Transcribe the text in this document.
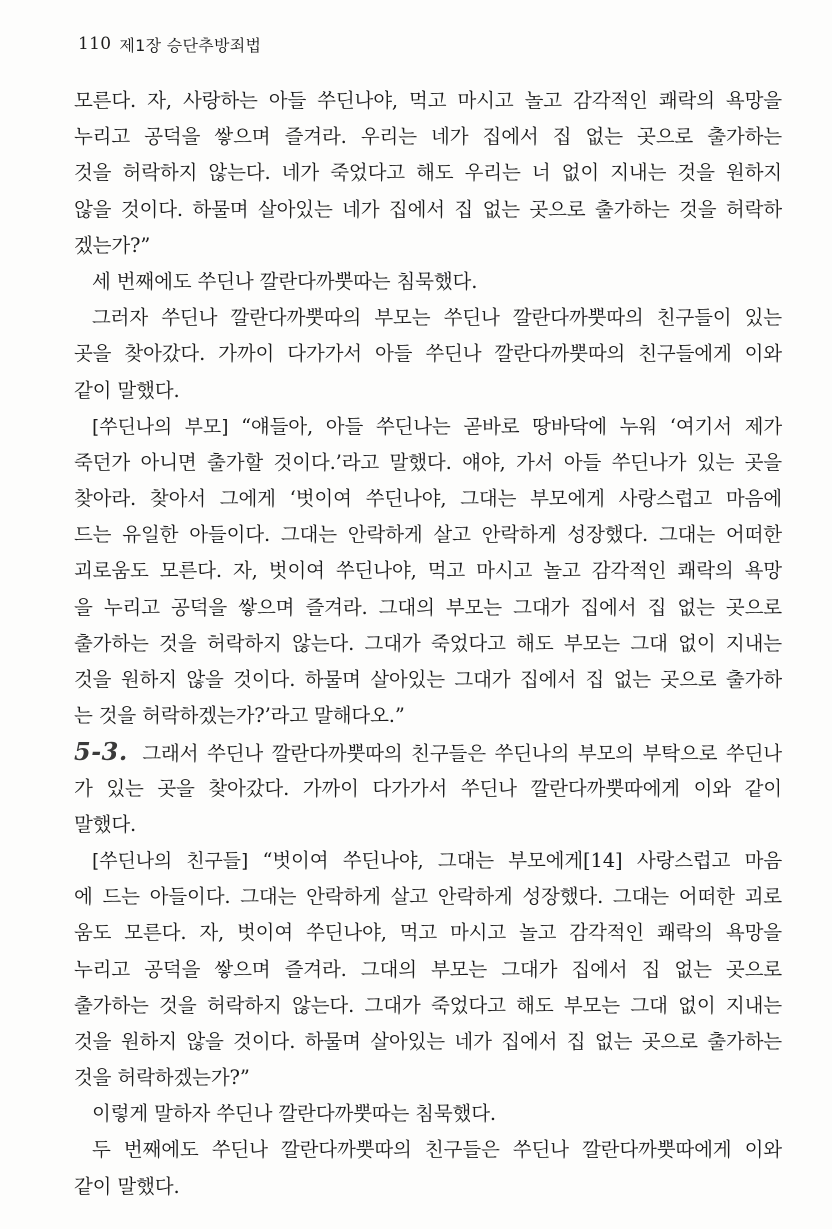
110 제1장 승단추방죄법
모른다. 자, 사랑하는 아들 쑤딘나야, 먹고 마시고 놀고 감각적인 쾌락의 욕망을
누리고 공덕을 쌓으며 즐겨라. 우리는 네가 집에서 집 없는 곳으로 출가하는
것을 허락하지 않는다. 네가 죽었다고 해도 우리는 너 없이 지내는 것을 원하지
않을 것이다. 하물며 살아있는 네가 집에서 집 없는 곳으로 출가하는 것을 허락하
겠는가?”
세 번째에도 쑤딘나 깔란다까뿟따는 침묵했다.
그러자 쑤딘나 깔란다까뿟따의 부모는 쑤딘나 깔란다까뿟따의 친구들이 있는
곳을 찾아갔다. 가까이 다가가서 아들 쑤딘나 깔란다까뿟따의 친구들에게 이와
같이 말했다.
[쑤딘나의 부모] “얘들아, 아들 쑤딘나는 곧바로 땅바닥에 누워 ‘여기서 제가
죽던가 아니면 출가할 것이다.’라고 말했다. 얘야, 가서 아들 쑤딘나가 있는 곳을
찾아라. 찾아서 그에게 ‘벗이여 쑤딘나야, 그대는 부모에게 사랑스럽고 마음에
드는 유일한 아들이다. 그대는 안락하게 살고 안락하게 성장했다. 그대는 어떠한
괴로움도 모른다. 자, 벗이여 쑤딘나야, 먹고 마시고 놀고 감각적인 쾌락의 욕망
을 누리고 공덕을 쌓으며 즐겨라. 그대의 부모는 그대가 집에서 집 없는 곳으로
출가하는 것을 허락하지 않는다. 그대가 죽었다고 해도 부모는 그대 없이 지내는
것을 원하지 않을 것이다. 하물며 살아있는 그대가 집에서 집 없는 곳으로 출가하
는 것을 허락하겠는가?’라고 말해다오.”
5-3. 그래서 쑤딘나 깔란다까뿟따의 친구들은 쑤딘나의 부모의 부탁으로 쑤딘나
가 있는 곳을 찾아갔다. 가까이 다가가서 쑤딘나 깔란다까뿟따에게 이와 같이
말했다.
[쑤딘나의 친구들] “벗이여 쑤딘나야, 그대는 부모에게[14] 사랑스럽고 마음
에 드는 아들이다. 그대는 안락하게 살고 안락하게 성장했다. 그대는 어떠한 괴로
움도 모른다. 자, 벗이여 쑤딘나야, 먹고 마시고 놀고 감각적인 쾌락의 욕망을
누리고 공덕을 쌓으며 즐겨라. 그대의 부모는 그대가 집에서 집 없는 곳으로
출가하는 것을 허락하지 않는다. 그대가 죽었다고 해도 부모는 그대 없이 지내는
것을 원하지 않을 것이다. 하물며 살아있는 네가 집에서 집 없는 곳으로 출가하는
것을 허락하겠는가?”
이렇게 말하자 쑤딘나 깔란다까뿟따는 침묵했다.
두 번째에도 쑤딘나 깔란다까뿟따의 친구들은 쑤딘나 깔란다까뿟따에게 이와
같이 말했다.
